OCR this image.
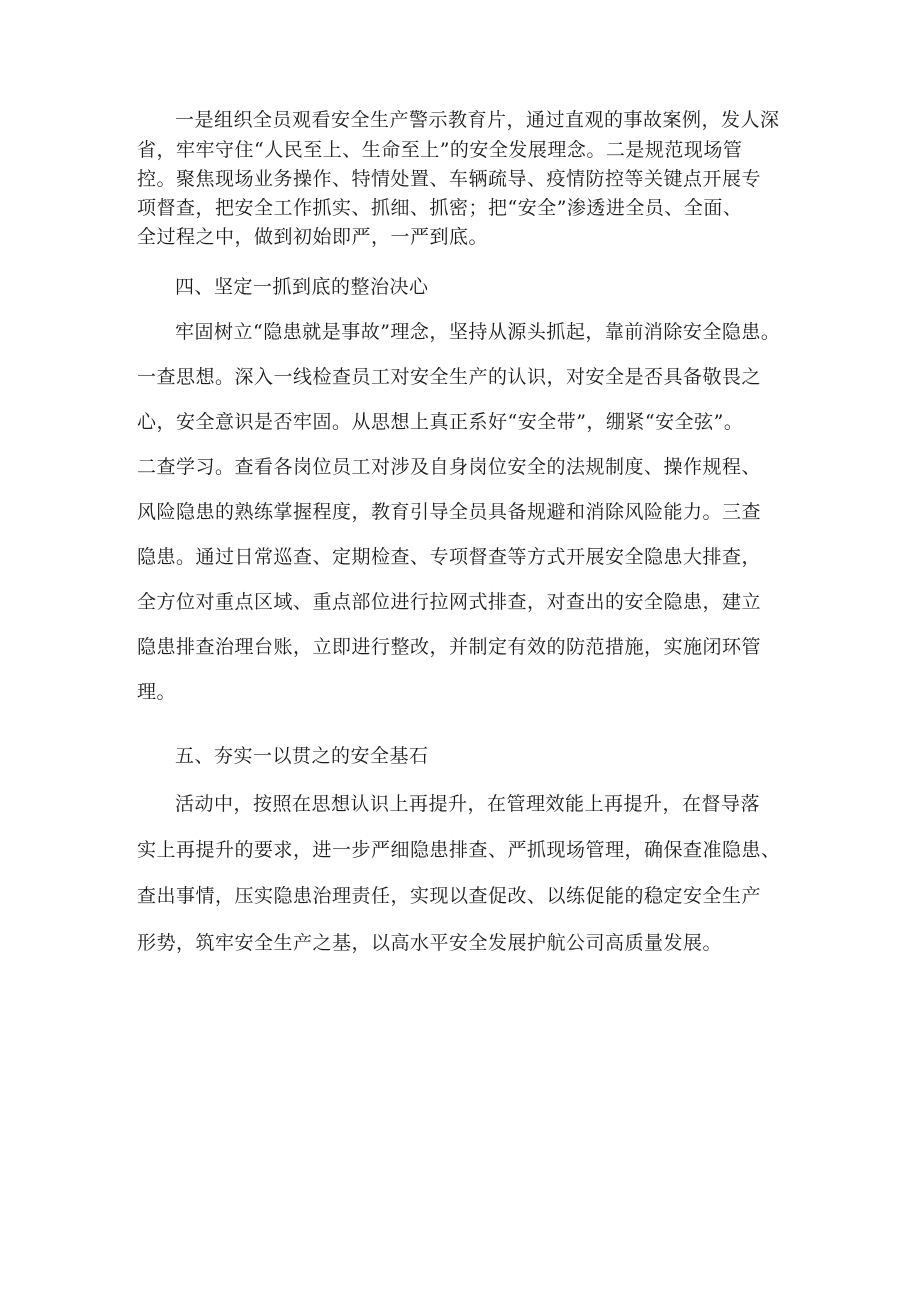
一是组织全员观看安全生产警示教育片，通过直观的事故案例，发人深
省，牢牢守住“人民至上、生命至上”的安全发展理念。二是规范现场管
控。聚焦现场业务操作、特情处置、车辆疏导、疫情防控等关键点开展专
项督查，把安全工作抓实、抓细、抓密；把“安全”渗透进全员、全面、
全过程之中，做到初始即严，一严到底。
四、坚定一抓到底的整治决心
牢固树立“隐患就是事故”理念，坚持从源头抓起，靠前消除安全隐患。
一查思想。深入一线检查员工对安全生产的认识，对安全是否具备敬畏之
心，安全意识是否牢固。从思想上真正系好“安全带”，绷紧“安全弦”。
二查学习。查看各岗位员工对涉及自身岗位安全的法规制度、操作规程、
风险隐患的熟练掌握程度，教育引导全员具备规避和消除风险能力。三查
隐患。通过日常巡查、定期检查、专项督查等方式开展安全隐患大排查，
全方位对重点区域、重点部位进行拉网式排查，对查出的安全隐患，建立
隐患排查治理台账，立即进行整改，并制定有效的防范措施，实施闭环管
理。
五、夯实一以贯之的安全基石
活动中，按照在思想认识上再提升，在管理效能上再提升，在督导落
实上再提升的要求，进一步严细隐患排查、严抓现场管理，确保查准隐患、
查出事情，压实隐患治理责任，实现以查促改、以练促能的稳定安全生产
形势，筑牢安全生产之基，以高水平安全发展护航公司高质量发展。
